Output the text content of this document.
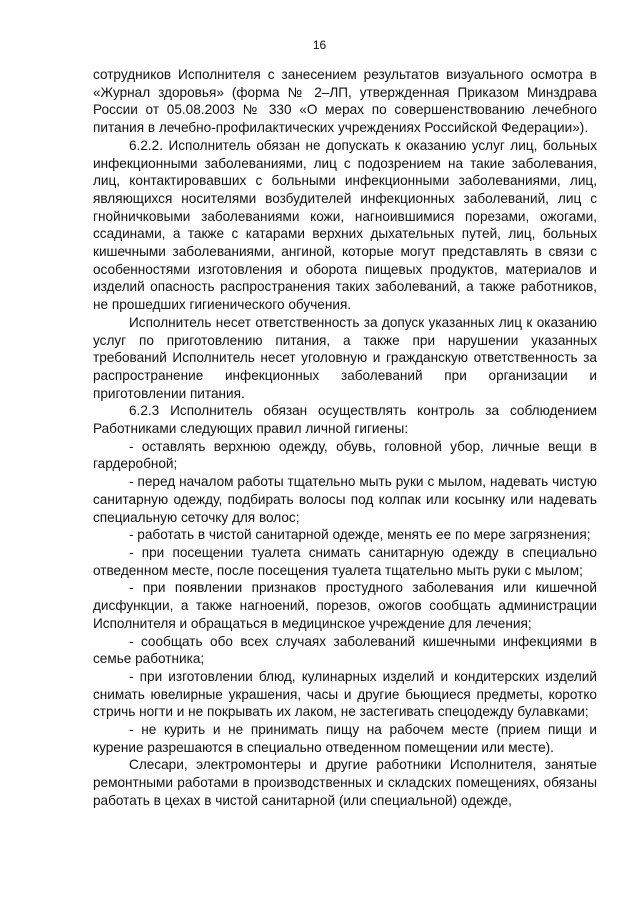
16

сотрудников Исполнителя с занесением результатов визуального осмотра в «Журнал здоровья» (форма № 2–ЛП, утвержденная Приказом Минздрава России от 05.08.2003 № 330 «О мерах по совершенствованию лечебного питания в лечебно-профилактических учреждениях Российской Федерации»).

6.2.2. Исполнитель обязан не допускать к оказанию услуг лиц, больных инфекционными заболеваниями, лиц с подозрением на такие заболевания, лиц, контактировавших с больными инфекционными заболеваниями, лиц, являющихся носителями возбудителей инфекционных заболеваний, лиц с гнойничковыми заболеваниями кожи, нагноившимися порезами, ожогами, ссадинами, а также с катарами верхних дыхательных путей, лиц, больных кишечными заболеваниями, ангиной, которые могут представлять в связи с особенностями изготовления и оборота пищевых продуктов, материалов и изделий опасность распространения таких заболеваний, а также работников, не прошедших гигиенического обучения.

Исполнитель несет ответственность за допуск указанных лиц к оказанию услуг по приготовлению питания, а также при нарушении указанных требований Исполнитель несет уголовную и гражданскую ответственность за распространение инфекционных заболеваний при организации и приготовлении питания.

6.2.3 Исполнитель обязан осуществлять контроль за соблюдением Работниками следующих правил личной гигиены:

- оставлять верхнюю одежду, обувь, головной убор, личные вещи в гардеробной;

- перед началом работы тщательно мыть руки с мылом, надевать чистую санитарную одежду, подбирать волосы под колпак или косынку или надевать специальную сеточку для волос;

- работать в чистой санитарной одежде, менять ее по мере загрязнения;

- при посещении туалета снимать санитарную одежду в специально отведенном месте, после посещения туалета тщательно мыть руки с мылом;

- при появлении признаков простудного заболевания или кишечной дисфункции, а также нагноений, порезов, ожогов сообщать администрации Исполнителя и обращаться в медицинское учреждение для лечения;

- сообщать обо всех случаях заболеваний кишечными инфекциями в семье работника;

- при изготовлении блюд, кулинарных изделий и кондитерских изделий снимать ювелирные украшения, часы и другие бьющиеся предметы, коротко стричь ногти и не покрывать их лаком, не застегивать спецодежду булавками;

- не курить и не принимать пищу на рабочем месте (прием пищи и курение разрешаются в специально отведенном помещении или месте).

Слесари, электромонтеры и другие работники Исполнителя, занятые ремонтными работами в производственных и складских помещениях, обязаны работать в цехах в чистой санитарной (или специальной) одежде,
